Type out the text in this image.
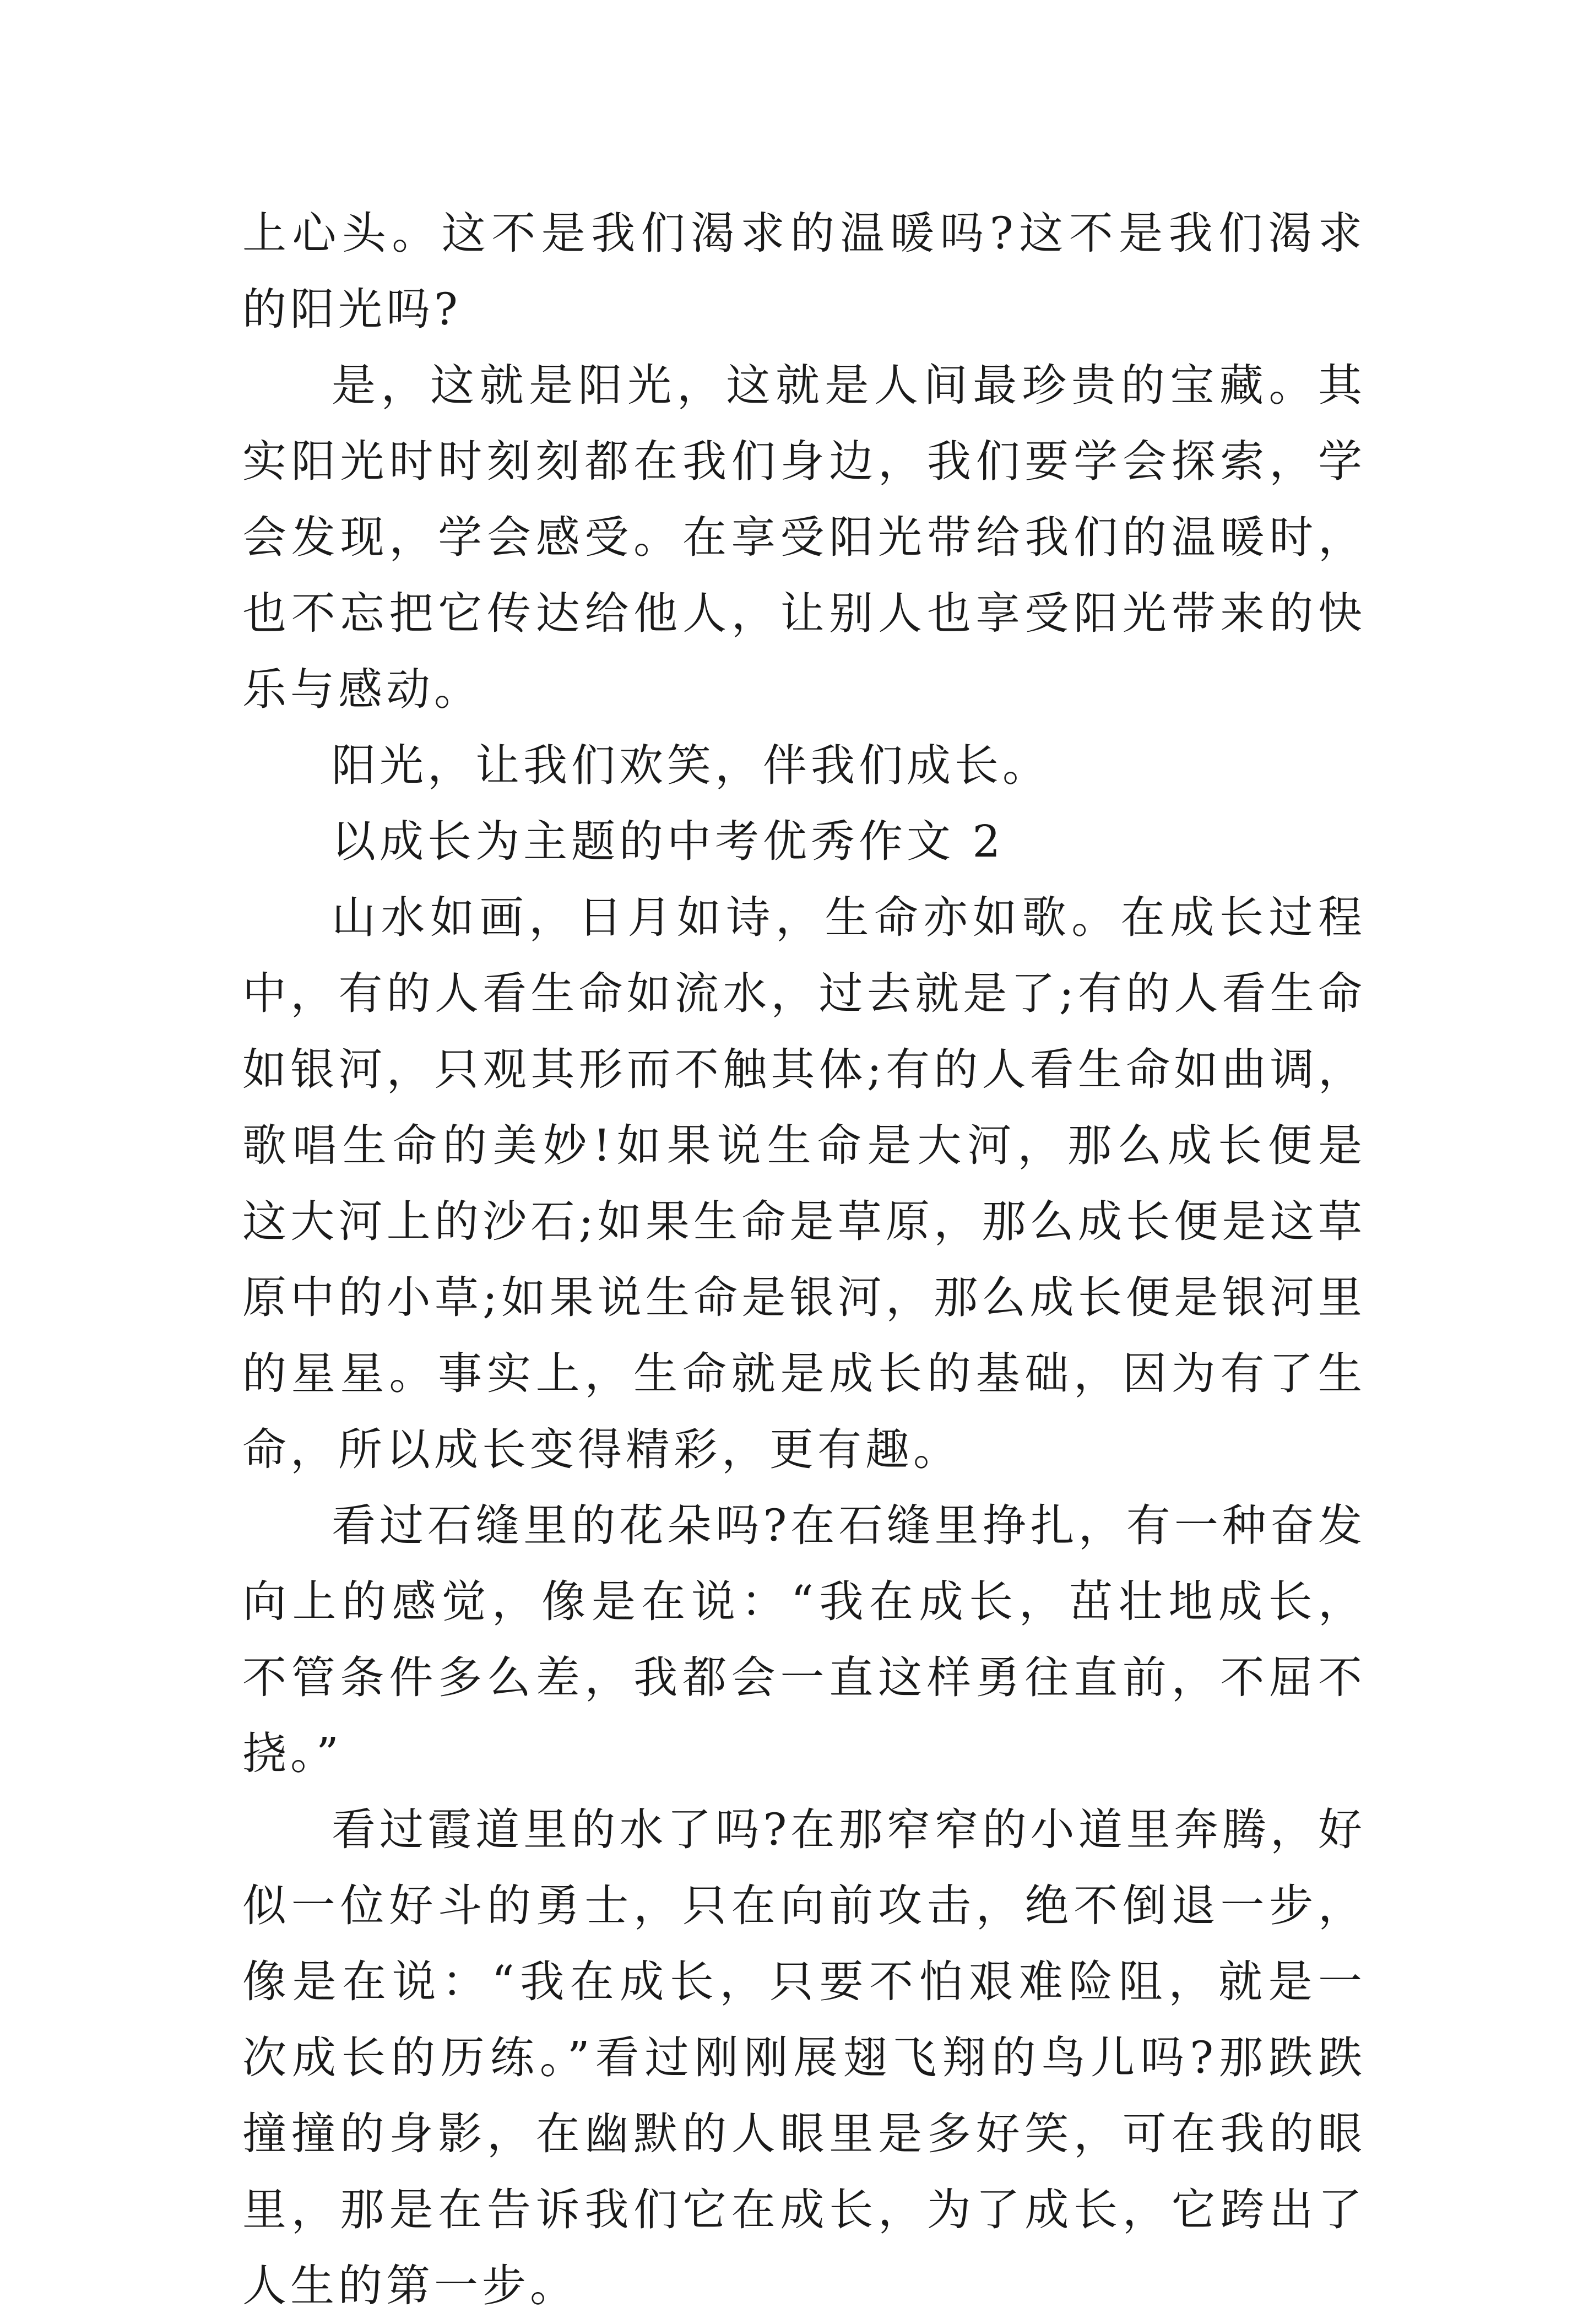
上心头。这不是我们渴求的温暖吗?这不是我们渴求的阳光吗?

是，这就是阳光，这就是人间最珍贵的宝藏。其实阳光时时刻刻都在我们身边，我们要学会探索，学会发现，学会感受。在享受阳光带给我们的温暖时，也不忘把它传达给他人，让别人也享受阳光带来的快乐与感动。

阳光，让我们欢笑，伴我们成长。

以成长为主题的中考优秀作文 2

山水如画，日月如诗，生命亦如歌。在成长过程中，有的人看生命如流水，过去就是了;有的人看生命如银河，只观其形而不触其体;有的人看生命如曲调，歌唱生命的美妙!如果说生命是大河，那么成长便是这大河上的沙石;如果生命是草原，那么成长便是这草原中的小草;如果说生命是银河，那么成长便是银河里的星星。事实上，生命就是成长的基础，因为有了生命，所以成长变得精彩，更有趣。

看过石缝里的花朵吗?在石缝里挣扎，有一种奋发向上的感觉，像是在说：“我在成长，茁壮地成长，不管条件多么差，我都会一直这样勇往直前，不屈不挠。”

看过霞道里的水了吗?在那窄窄的小道里奔腾，好似一位好斗的勇士，只在向前攻击，绝不倒退一步，像是在说：“我在成长，只要不怕艰难险阻，就是一次成长的历练。”看过刚刚展翅飞翔的鸟儿吗?那跌跌撞撞的身影，在幽默的人眼里是多好笑，可在我的眼里，那是在告诉我们它在成长，为了成长，它跨出了人生的第一步。
